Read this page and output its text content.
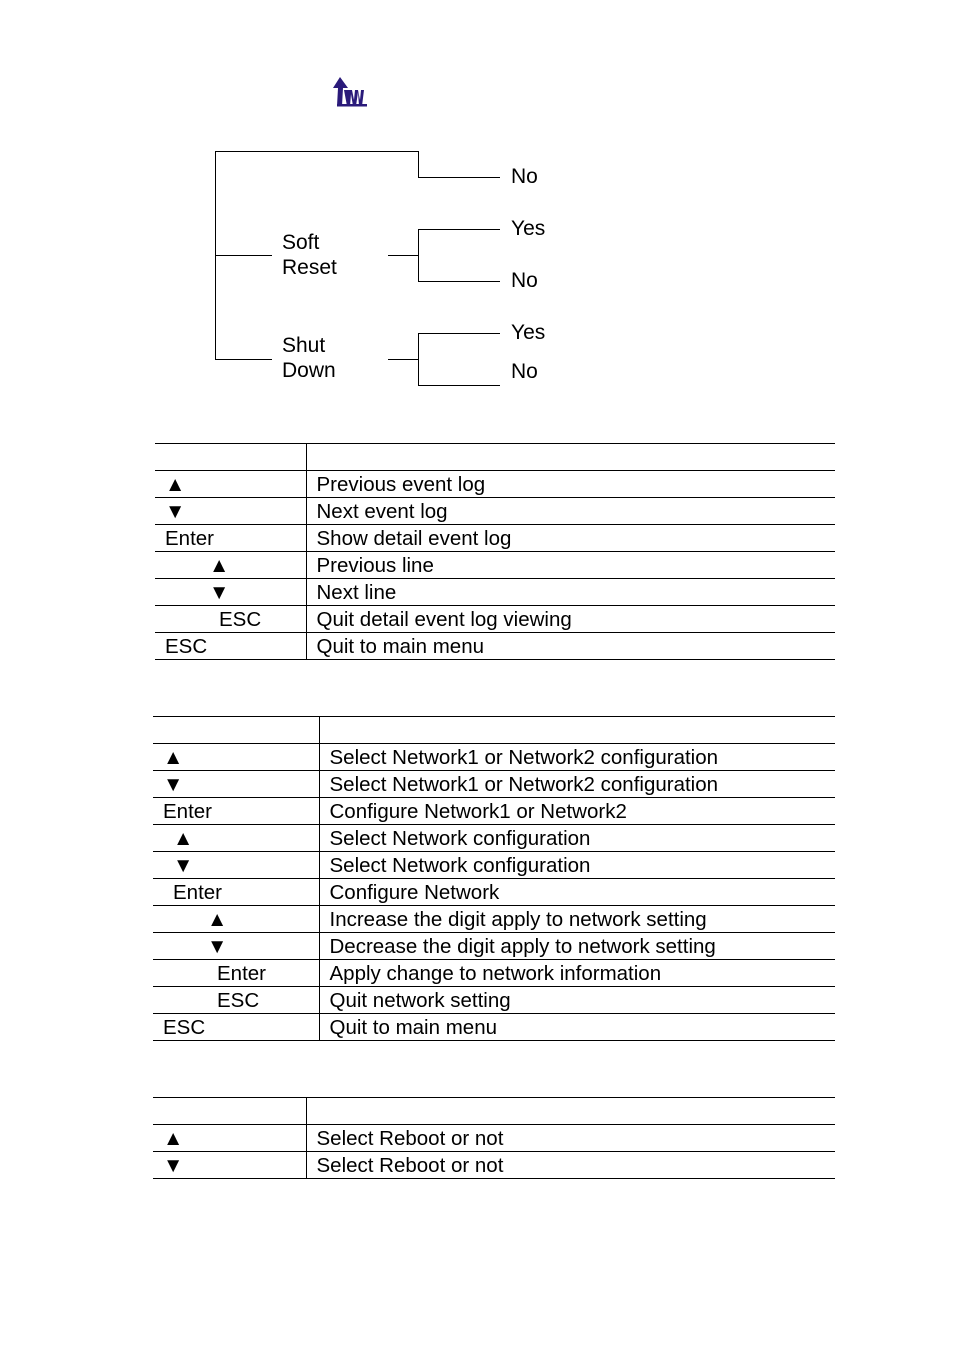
No
Soft
Reset
Yes
No
Shut
Down
Yes
No

▲	Previous event log
▼	Next event log
Enter	Show detail event log
▲	Previous line
▼	Next line
ESC	Quit detail event log viewing
ESC	Quit to main menu

▲	Select Network1 or Network2 configuration
▼	Select Network1 or Network2 configuration
Enter	Configure Network1 or Network2
▲	Select Network configuration
▼	Select Network configuration
Enter	Configure Network
▲	Increase the digit apply to network setting
▼	Decrease the digit apply to network setting
Enter	Apply change to network information
ESC	Quit network setting
ESC	Quit to main menu

▲	Select Reboot or not
▼	Select Reboot or not
